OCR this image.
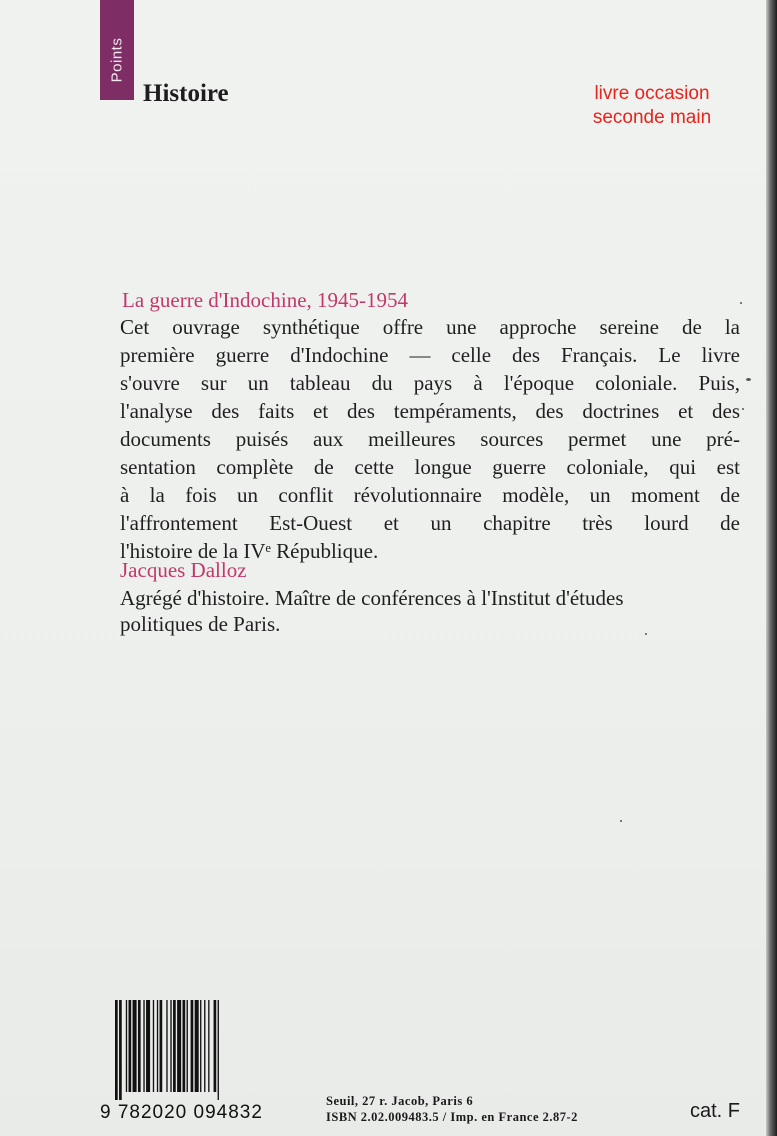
Points
Histoire	livre occasion
seconde main
La guerre d'Indochine, 1945-1954
Cet ouvrage synthétique offre une approche sereine de la
première guerre d'Indochine — celle des Français. Le livre
s'ouvre sur un tableau du pays à l'époque coloniale. Puis,
l'analyse des faits et des tempéraments, des doctrines et des
documents puisés aux meilleures sources permet une pré-
sentation complète de cette longue guerre coloniale, qui est
à la fois un conflit révolutionnaire modèle, un moment de
l'affrontement Est-Ouest et un chapitre très lourd de
l'histoire de la IVᵉ République.
Jacques Dalloz
Agrégé d'histoire. Maître de conférences à l'Institut d'études
politiques de Paris.
9 782020 094832
Seuil, 27 r. Jacob, Paris 6
ISBN 2.02.009483.5 / Imp. en France 2.87-2	cat. F
